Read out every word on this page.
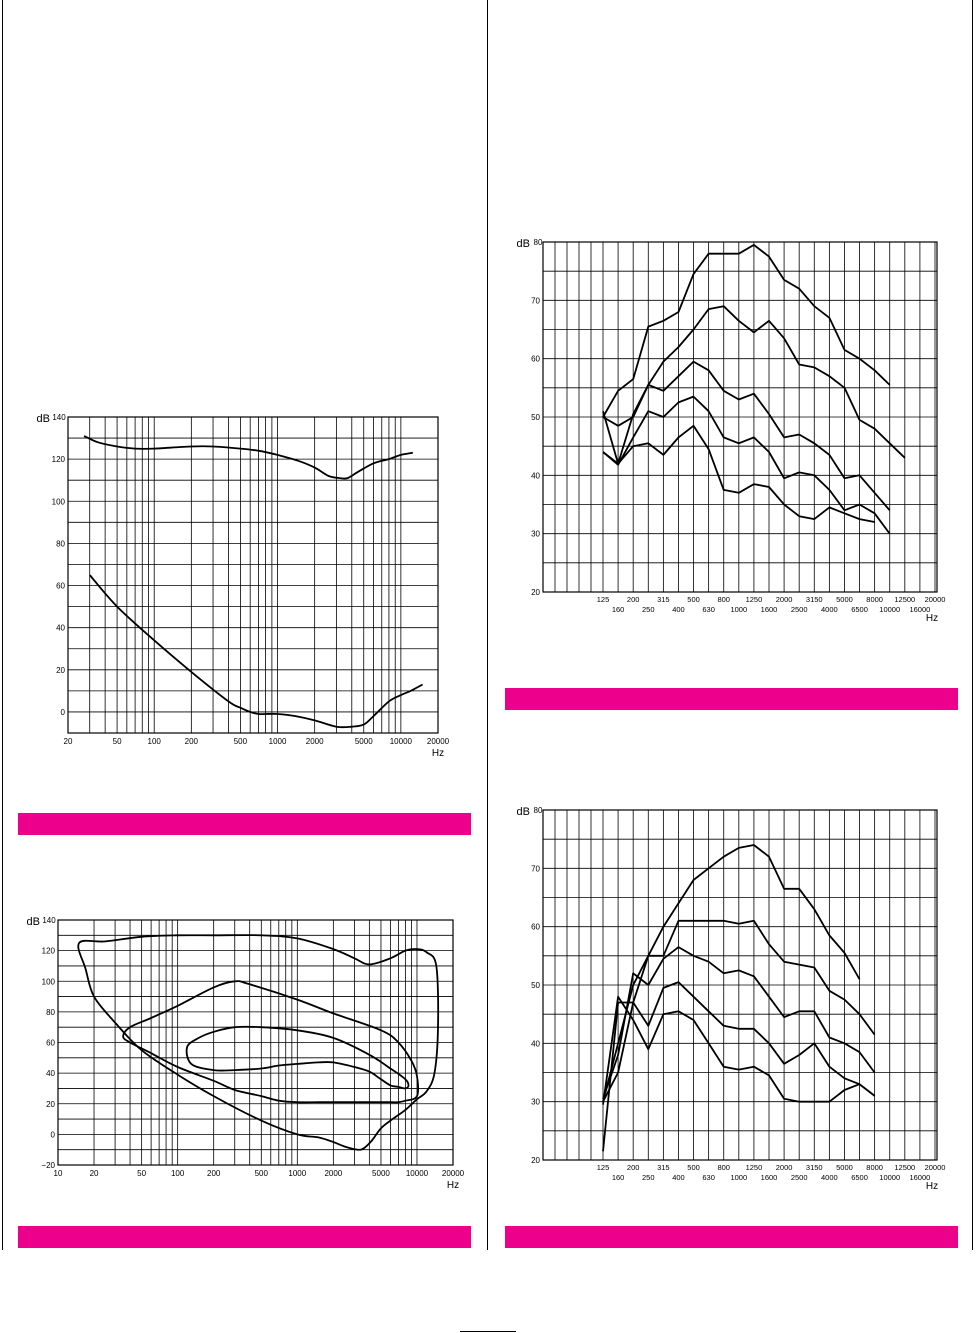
0
20
40
60
80
100
120
140
dB
20	50	100	200	500	1000 2000	5000 10000 20000
Hz
−20
0
20
40
60
80
100
120
140
dB
10	20	50	100	200	500	1000 2000	5000 10000 20000
Hz
20
30
40
50
60
70
80
dB
125 200 315 500 800 1250 2000 3150 5000 8000 12500 20000
160 250 400 630 1000 1600 2500 4000 6500 10000 16000
Hz
20
30
40
50
60
70
80
dB
125 200 315 500 800 1250 2000 3150 5000 8000 12500 20000
160 250 400 630 1000 1600 2500 4000 6500 10000 16000
Hz
